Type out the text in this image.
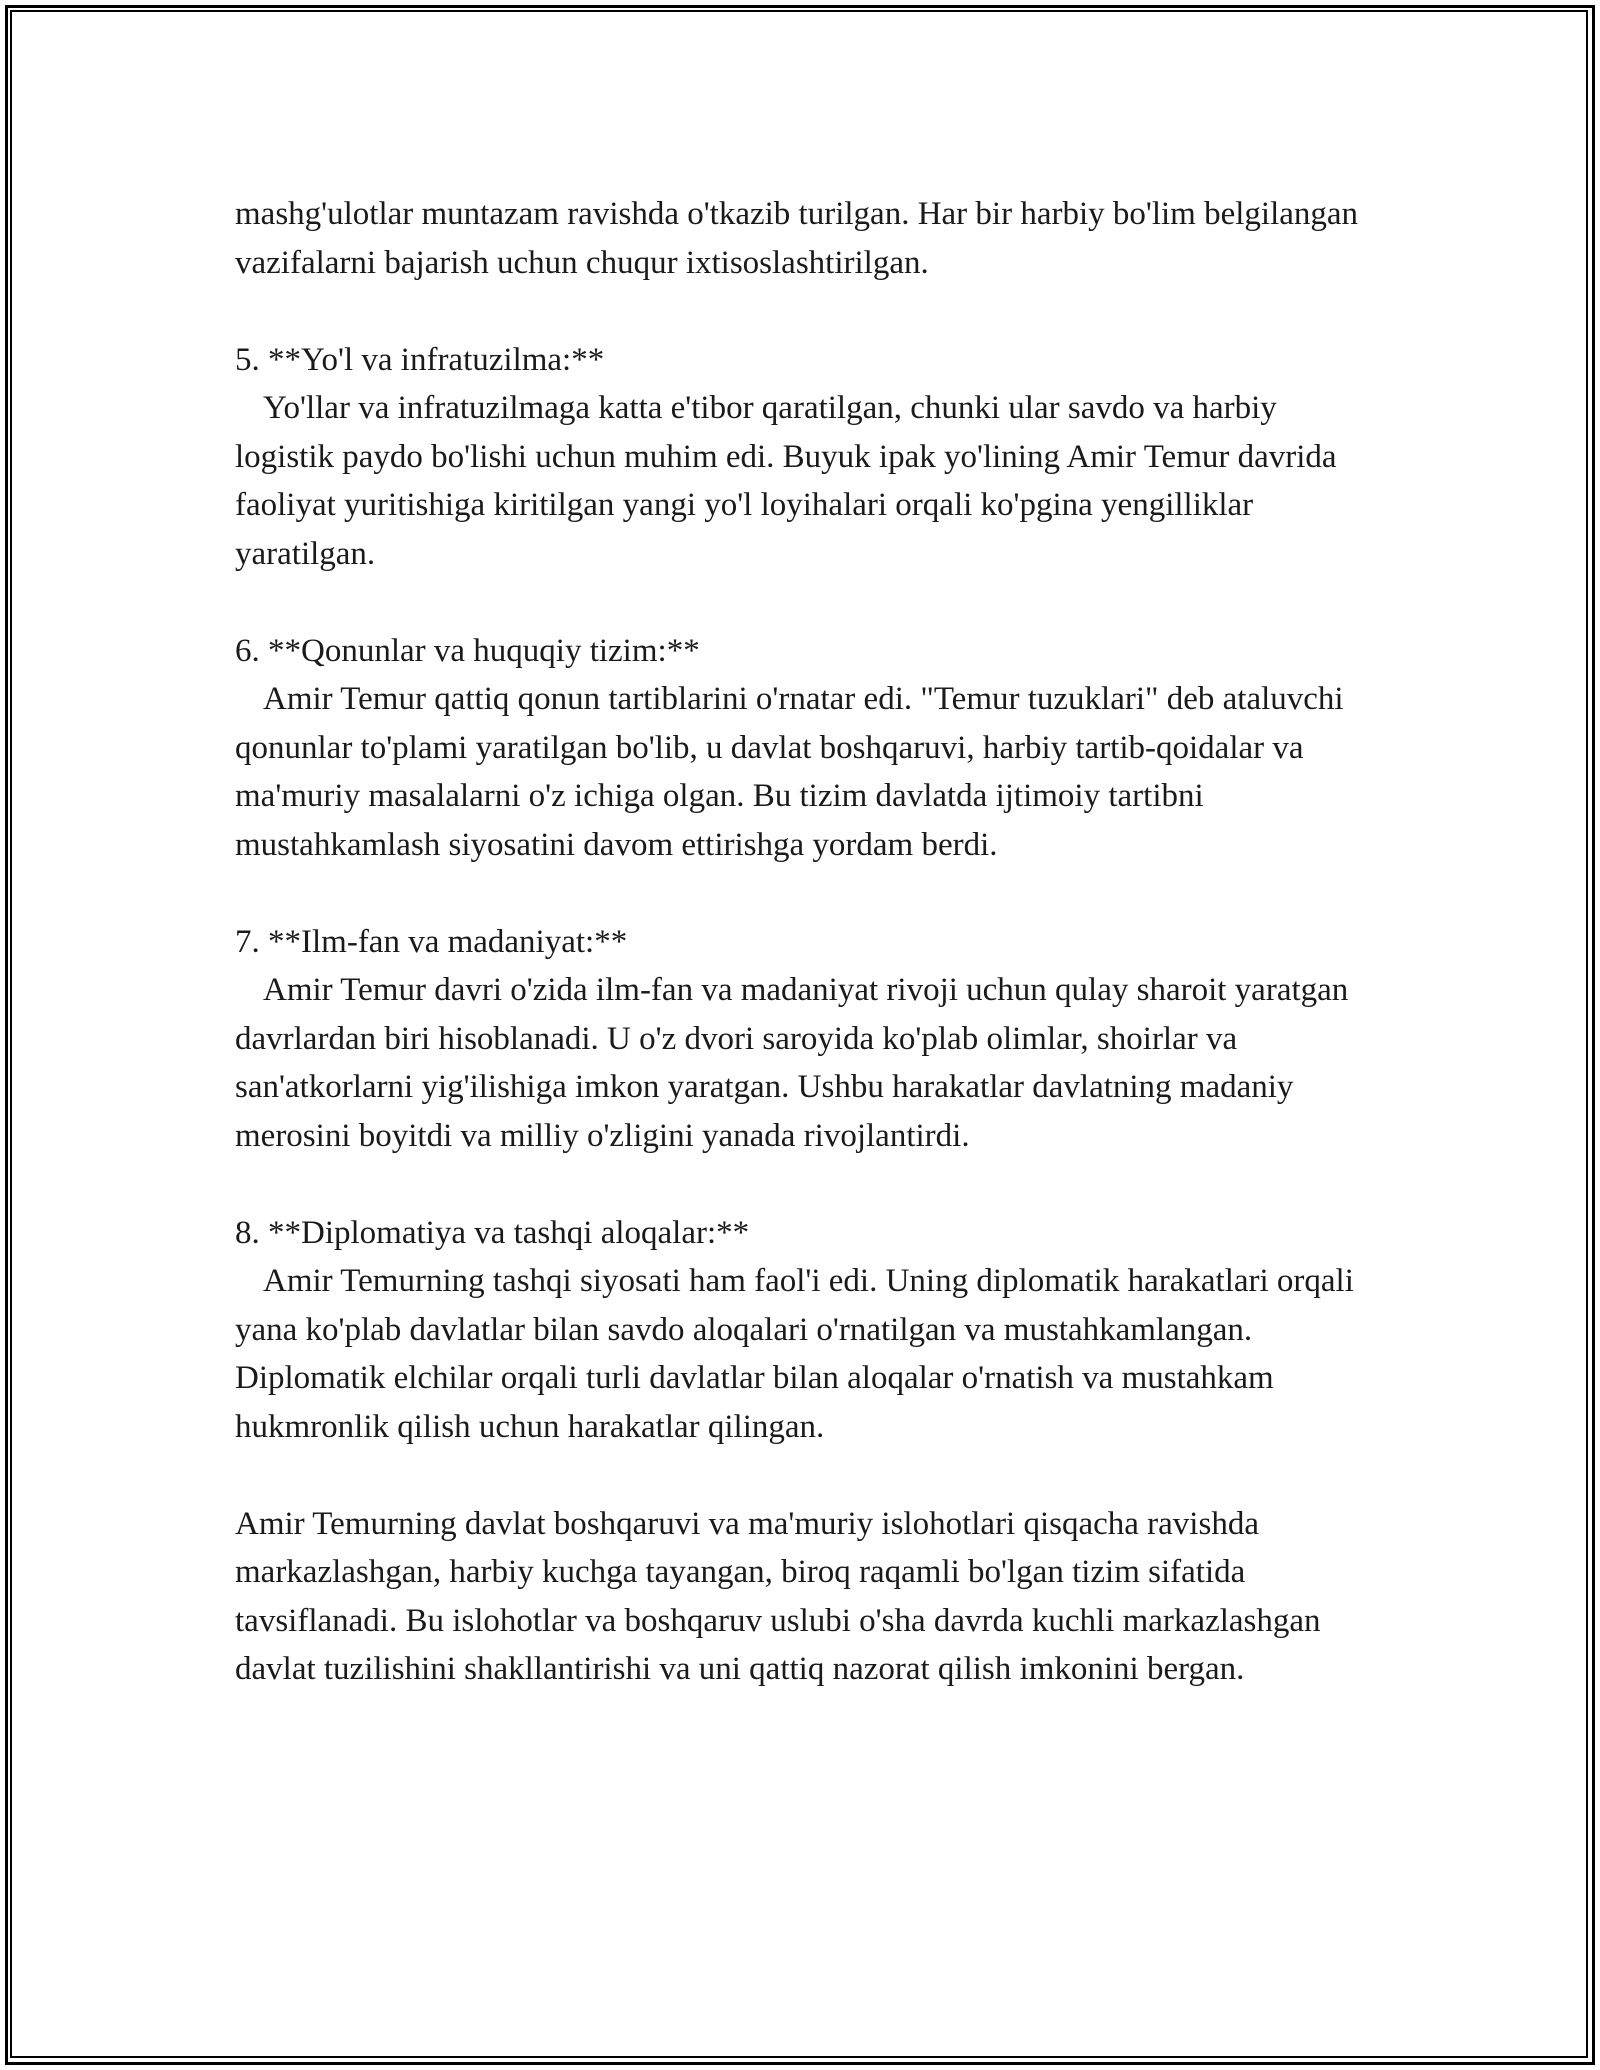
mashg'ulotlar muntazam ravishda o'tkazib turilgan. Har bir harbiy bo'lim belgilangan vazifalarni bajarish uchun chuqur ixtisoslashtirilgan.

5. **Yo'l va infratuzilma:**

Yo'llar va infratuzilmaga katta e'tibor qaratilgan, chunki ular savdo va harbiy logistik paydo bo'lishi uchun muhim edi. Buyuk ipak yo'lining Amir Temur davrida faoliyat yuritishiga kiritilgan yangi yo'l loyihalari orqali ko'pgina yengilliklar yaratilgan.

6. **Qonunlar va huquqiy tizim:**

Amir Temur qattiq qonun tartiblarini o'rnatar edi. "Temur tuzuklari" deb ataluvchi qonunlar to'plami yaratilgan bo'lib, u davlat boshqaruvi, harbiy tartib-qoidalar va ma'muriy masalalarni o'z ichiga olgan. Bu tizim davlatda ijtimoiy tartibni mustahkamlash siyosatini davom ettirishga yordam berdi.

7. **Ilm-fan va madaniyat:**

Amir Temur davri o'zida ilm-fan va madaniyat rivoji uchun qulay sharoit yaratgan davrlardan biri hisoblanadi. U o'z dvori saroyida ko'plab olimlar, shoirlar va san'atkorlarni yig'ilishiga imkon yaratgan. Ushbu harakatlar davlatning madaniy merosini boyitdi va milliy o'zligini yanada rivojlantirdi.

8. **Diplomatiya va tashqi aloqalar:**

Amir Temurning tashqi siyosati ham faol'i edi. Uning diplomatik harakatlari orqali yana ko'plab davlatlar bilan savdo aloqalari o'rnatilgan va mustahkamlangan. Diplomatik elchilar orqali turli davlatlar bilan aloqalar o'rnatish va mustahkam hukmronlik qilish uchun harakatlar qilingan.

Amir Temurning davlat boshqaruvi va ma'muriy islohotlari qisqacha ravishda markazlashgan, harbiy kuchga tayangan, biroq raqamli bo'lgan tizim sifatida tavsiflanadi. Bu islohotlar va boshqaruv uslubi o'sha davrda kuchli markazlashgan davlat tuzilishini shakllantirishi va uni qattiq nazorat qilish imkonini bergan.
